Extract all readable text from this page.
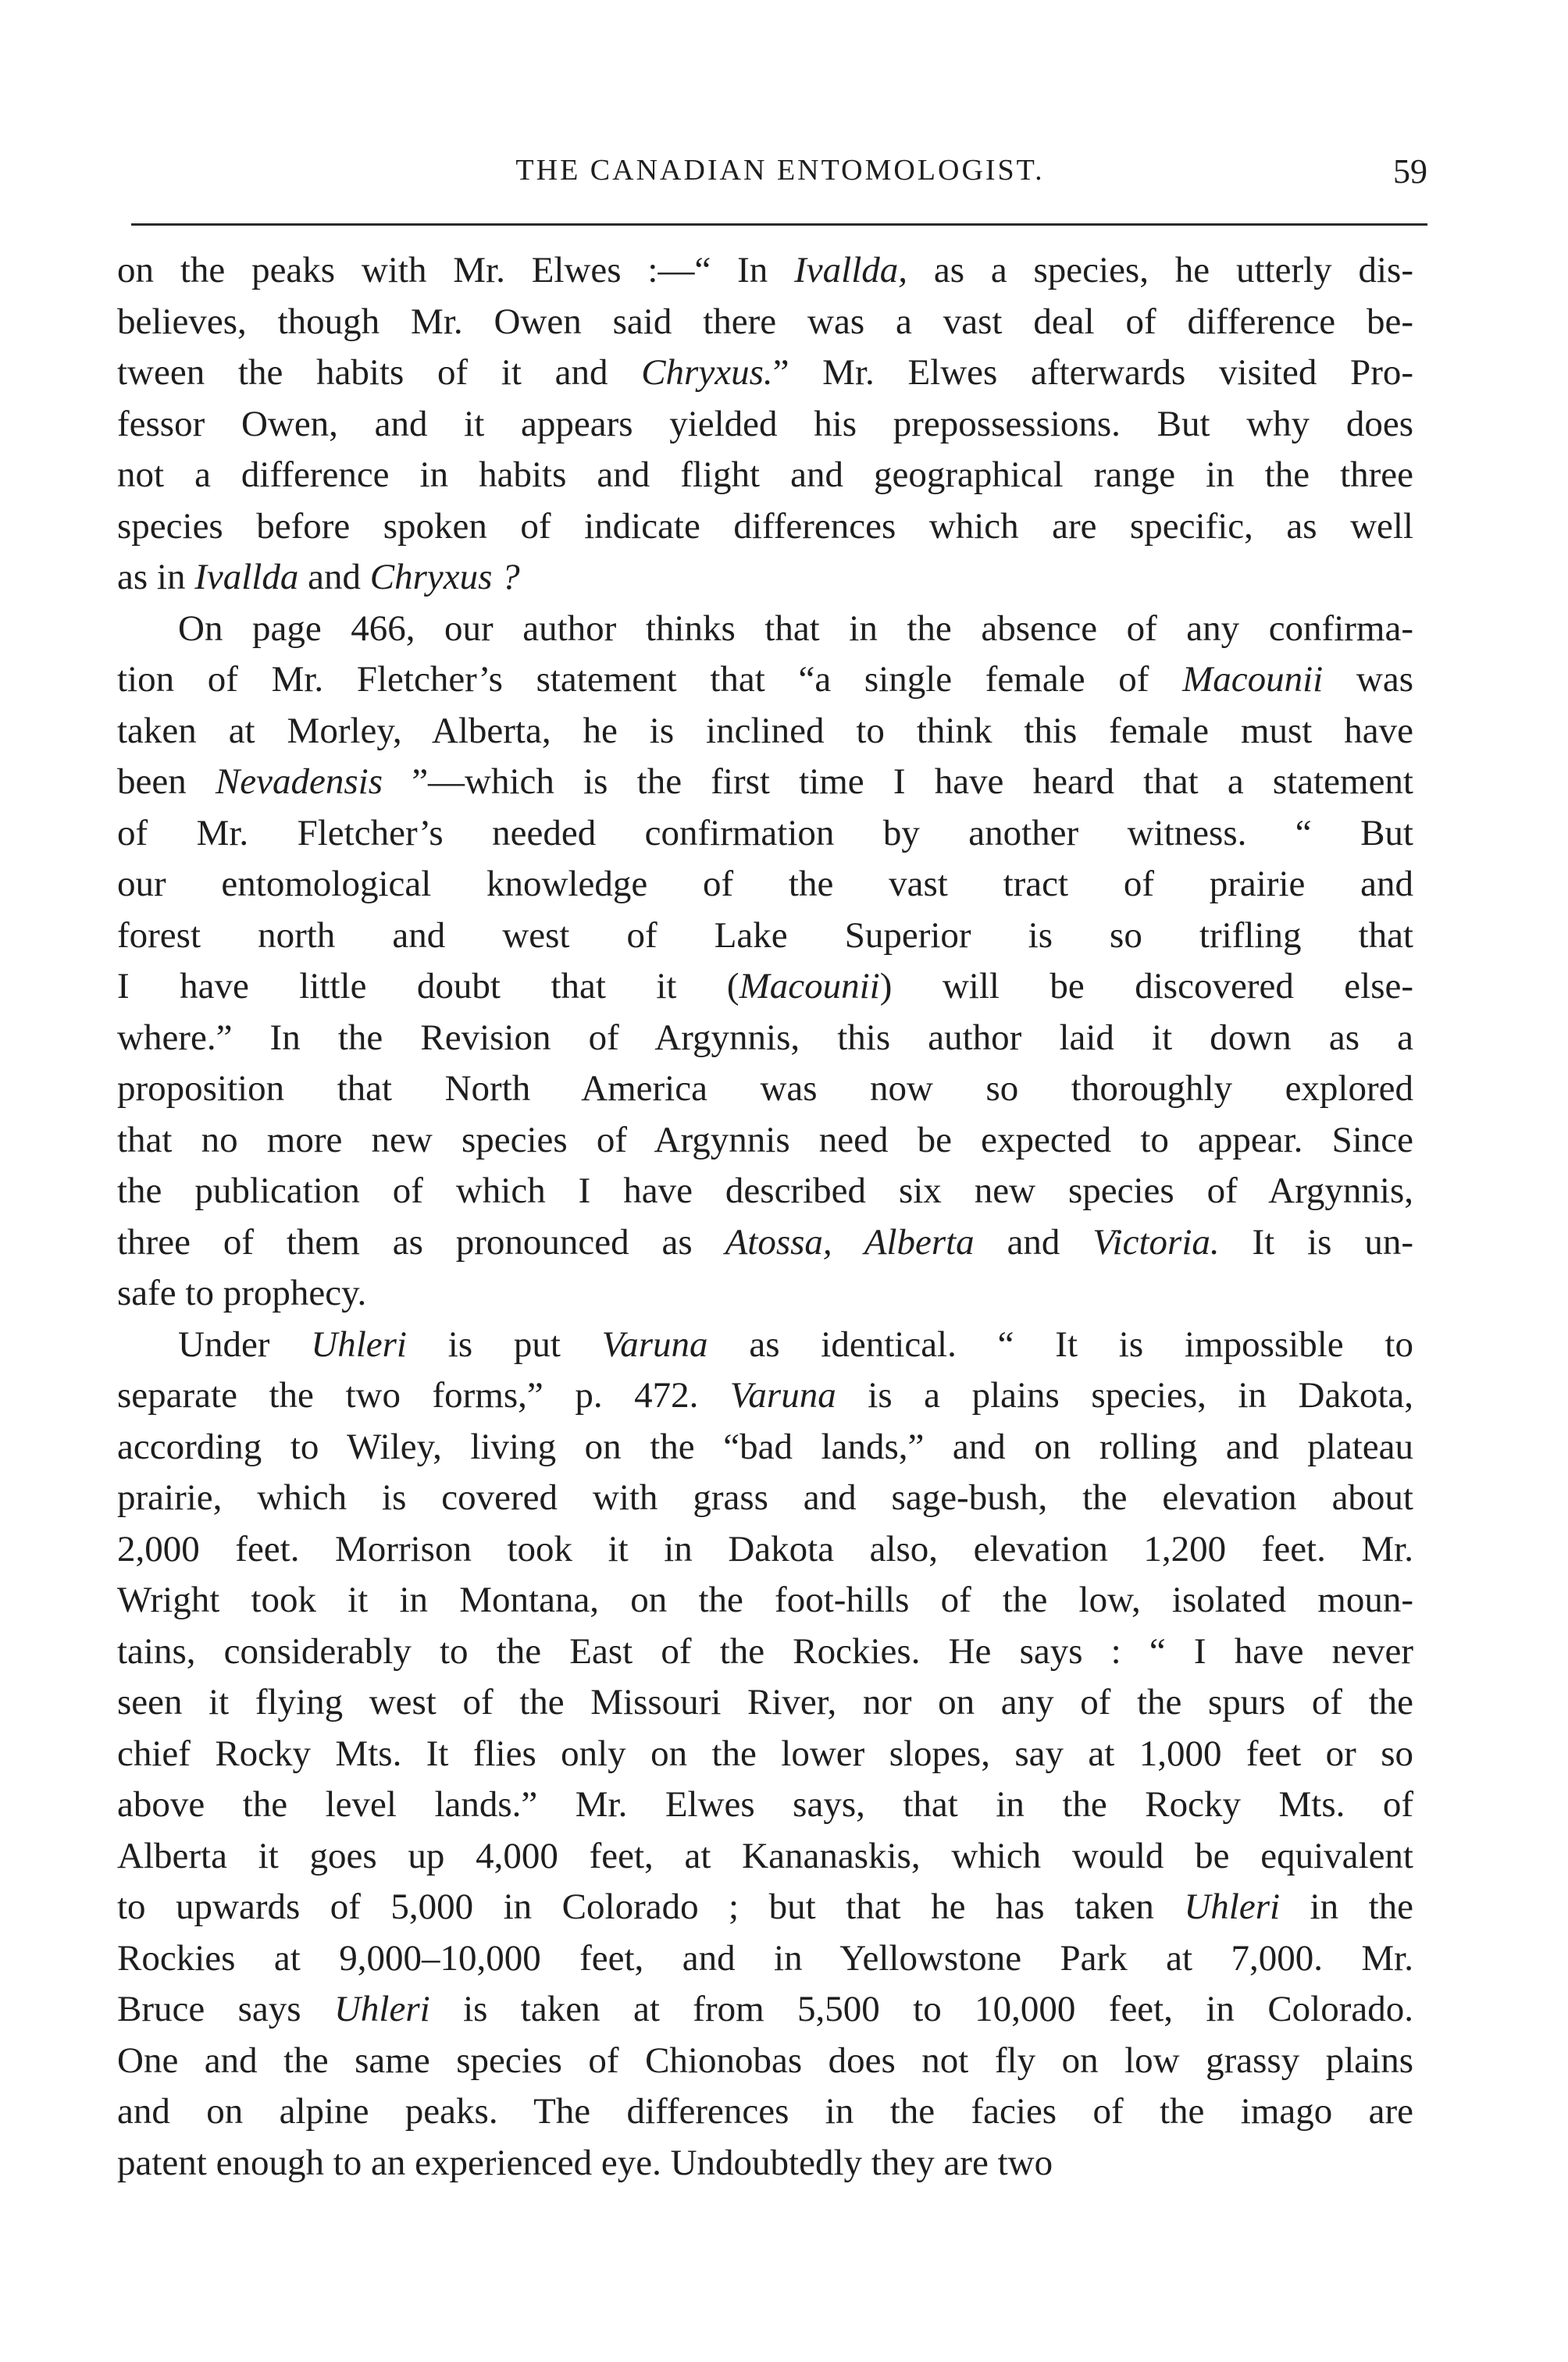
THE CANADIAN ENTOMOLOGIST.	59
on the peaks with Mr. Elwes :—“ In Ivallda, as a species, he utterly dis-
believes, though Mr. Owen said there was a vast deal of difference be-
tween the habits of it and Chryxus.” Mr. Elwes afterwards visited Pro-
fessor Owen, and it appears yielded his prepossessions. But why does
not a difference in habits and flight and geographical range in the three
species before spoken of indicate differences which are specific, as well
as in Ivallda and Chryxus ?
On page 466, our author thinks that in the absence of any confirma-
tion of Mr. Fletcher’s statement that “a single female of Macounii was
taken at Morley, Alberta, he is inclined to think this female must have
been Nevadensis ”—which is the first time I have heard that a statement
of Mr. Fletcher’s needed confirmation by another witness. “ But
our entomological knowledge of the vast tract of prairie and
forest north and west of Lake Superior is so trifling that
I have little doubt that it (Macounii) will be discovered else-
where.” In the Revision of Argynnis, this author laid it down as a
proposition that North America was now so thoroughly explored
that no more new species of Argynnis need be expected to appear. Since
the publication of which I have described six new species of Argynnis,
three of them as pronounced as Atossa, Alberta and Victoria. It is un-
safe to prophecy.
Under Uhleri is put Varuna as identical. “ It is impossible to
separate the two forms,” p. 472. Varuna is a plains species, in Dakota,
according to Wiley, living on the “bad lands,” and on rolling and plateau
prairie, which is covered with grass and sage-bush, the elevation about
2,000 feet. Morrison took it in Dakota also, elevation 1,200 feet. Mr.
Wright took it in Montana, on the foot-hills of the low, isolated moun-
tains, considerably to the East of the Rockies. He says : “ I have never
seen it flying west of the Missouri River, nor on any of the spurs of the
chief Rocky Mts. It flies only on the lower slopes, say at 1,000 feet or so
above the level lands.” Mr. Elwes says, that in the Rocky Mts. of
Alberta it goes up 4,000 feet, at Kananaskis, which would be equivalent
to upwards of 5,000 in Colorado ; but that he has taken Uhleri in the
Rockies at 9,000–10,000 feet, and in Yellowstone Park at 7,000. Mr.
Bruce says Uhleri is taken at from 5,500 to 10,000 feet, in Colorado.
One and the same species of Chionobas does not fly on low grassy plains
and on alpine peaks. The differences in the facies of the imago are
patent enough to an experienced eye. Undoubtedly they are two
